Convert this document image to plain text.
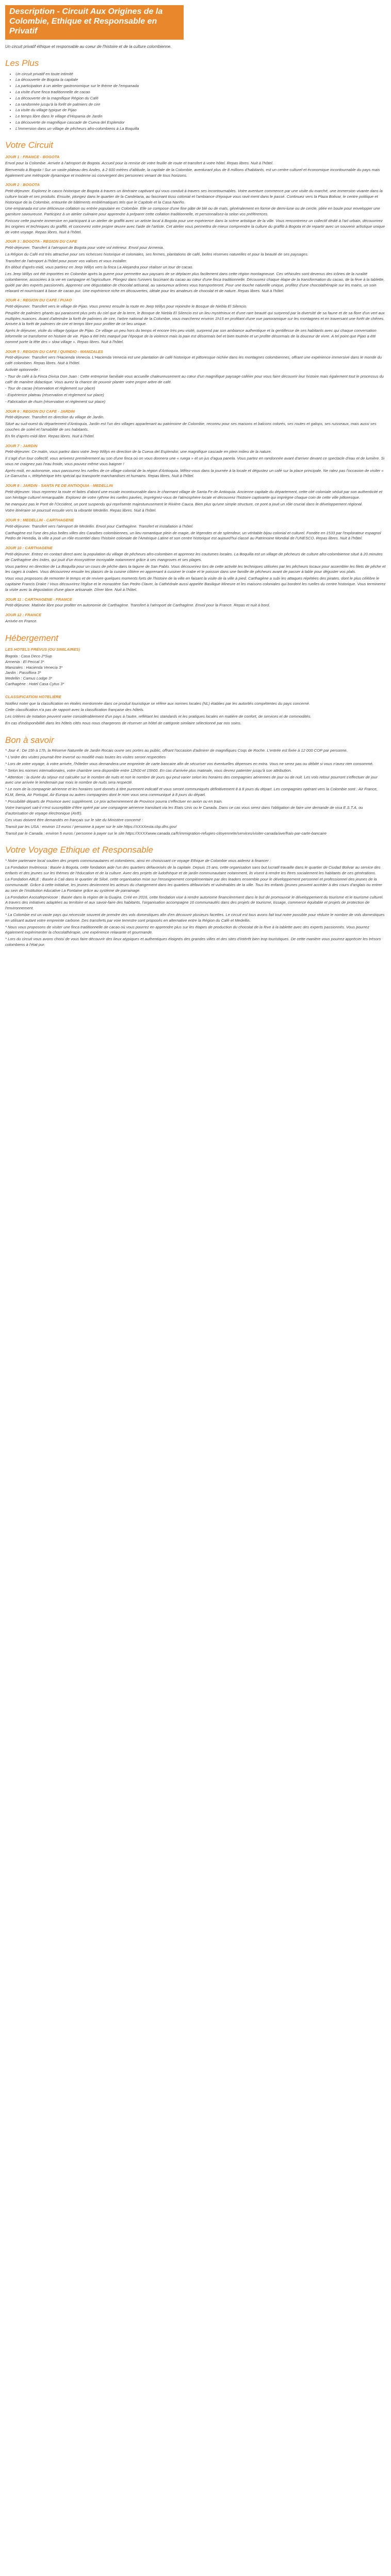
Description - Circuit Aux Origines de la Colombie, Ethique et Responsable en Privatif
Un circuit privatif éthique et responsable au coeur de l'histoire et de la culture colombienne.
Les Plus
• Un circuit privatif en toute intimité
• La découverte de Bogota la capitale
• La participation à un atelier gastronomique sur le thème de l'empanada
• La visite d'une finca traditionnelle de cacao
• La découverte de la magnifique Région du Café
• La randonnée jusqu'à la forêt de palmiers de cire
• La visite du village typique de Pijao
• Le temps libre dans le village d'Hispania de Jardin
• La découverte de magnifique cascade de Cueva del Esplendor
• L'immersion dans un village de pêcheurs afro-colombiens à La Boquilla
Votre Circuit
JOUR 1 : FRANCE - BOGOTA
Envol pour la Colombie. Arrivée à l'aéroport de Bogota. Accueil pour la remise de votre feuille de route et transfert à votre hôtel. Repas libres. Nuit à l'hôtel.
Bienvenido à Bogota ! Sur un vaste plateau des Andes, à 2 600 mètres d'altitude, la capitale de la Colombie, aventurant plus de 8 millions d'habitants, est un centre culturel et économique incontournable du pays mais également une métropole dynamique et moderne où convergent des personnes venant de tous horizons.
JOUR 2 : BOGOTA
Petit-déjeuner. Explorez le casco historique de Bogota à travers un itinéraire captivant qui vous conduit à travers ses incontournables. Votre aventure commence par une visite du marché, une immersion vivante dans la culture locale et ses produits. Ensuite, plongez dans le quartier de la Candelaria, au fascinant tissu colonial et l'ambiance d'époque vous ravit ment dans le passé. Continuez vers la Plaza Bolivar, le centre politique et historique de la Colombie, entourée de bâtiments emblématiques tels que le Capitole et la Casa Nariño.
Une empanada est une délicieuse collation ou entrée populaire en Colombie. Elle se compose d'une fine pâte de blé ou de maïs, généralement en forme de demi-lune ou de cercle, pliée en boule pour envelopper une garniture savoureuse. Participez à un atelier culinaire pour apprendre à préparer cette collation traditionnelle, et personnalisez-la selon vos préférences.
Finissez cette journée immersive en participant à un atelier de graffiti avec un artiste local à Bogota pour une expérience dans la scène artistique de la ville. Vous rencontrerez un collectif dédié à l'art urbain, découvrirez les origines et techniques du graffiti, et concevrez votre propre œuvre avec l'aide de l'artiste. Cet atelier vous permettra de mieux comprendre la culture du graffiti à Bogota et de repartir avec un souvenir artistique unique de votre voyage. Repas libres. Nuit à l'hôtel.
JOUR 3 : BOGOTA - REGION DU CAFE
Petit-déjeuner. Transfert à l'aéroport de Bogota pour votre vol intérieur. Envol pour Armenia.
La Région du Café est très attractive pour ses richesses historique et coloniales, ses fermes, plantations de café, belles réserves naturelles et pour la beauté de ses paysages.
Transfert de l'aéroport à l'hôtel pour poser vos valises et vous installer.
En début d'après-midi, vous partirez en Jeep Willys vers la finca La Alejandra pour réaliser un tour de cacao.
Les Jeep Willys ont été importées en Colombie après la guerre pour permettre aux paysans de se déplacer plus facilement dans cette région montagneuse. Ces véhicules sont devenus des icônes de la ruralité colombienne, associées à la vie en campagne et l'agriculture. Plongez dans l'univers fascinant du cacao au cœur d'une finca traditionnelle. Découvrez chaque étape de la transformation du cacao, de la fève à la tablette, guidé par des experts passionnés. Apprenez une dégustation de chocolat artisanal, au savoureux arômes vous transporteront. Pour une touche naturelle unique, profitez d'une chocolathérapie sur les mains, un soin relaxant et nourrissant à base de cacao pur. Une expérience riche en découvertes, idéale pour les amateurs de chocolat et de nature. Repas libres. Nuit à l'hôtel.
JOUR 4 : REGION DU CAFE / PIJAO
Petit-déjeuner. Transfert vers le village de Pijao. Vous prenez ensuite la route en Jeep Willys pour rejoindre le Bosque de Niebla El Silencio.
Peuplée de palmiers géants qui paraissent plus près du ciel que de la terre, le Bosque de Niebla El Silencio est un lieu mystérieux et d'une rare beauté qui surprend par la diversité de sa faune et de sa flore d'un vert aux multiples nuances. Avant d'atteindre la forêt de palmiers de cire, l'arbre national de la Colombie, vous marcherez environ 1h15 en profitant d'une vue panoramique sur les montagnes et en traversant une forêt de chênes. Arrivée à la forêt de palmiers de cire et temps libre pour profiter de ce lieu unique.
Après le déjeuner, visite du village typique de Pijao. Ce village un peu hors du temps et encore très peu visité, surprend par son ambiance authentique et la gentillesse de ses habitants avec qui chaque conversation informelle se transforme en histoire de vie. Pijao a été très marqué par l'époque de la violence mais la paix est désormais bel et bien toutnée et un profite désormais de la douceur de vivre. A tel point que Pijao a été nommé porte la tête des « slow village ». Repas libres. Nuit à l'hôtel.
JOUR 5 : REGION DU CAFE / QUINDIO - MANIZALES
Petit-déjeuner. Transfert vers l'Hacienda Venecia. L'Hacienda Venecia est une plantation de café historique et pittoresque nichée dans les montagnes colombiennes, offrant une expérience immersive dans le monde du café colombien. Repas libres. Nuit à l'hôtel.
Activité optionnelle :
- Tour de café à la Finca Divisa Don Juan : Cette entreprise familiale vous accueille chaleureusement au cœur d'un magnifique paysage caféier pour vous faire découvrir leur histoire mais également tout le processus du café de manière didactique. Vous aurez la chance de pouvoir planter votre propre arbre de café.
- Tour de cacao (réservation et règlement sur place)
- Expérience plateau (réservation et règlement sur place)
- Fabrication de rhum (réservation et règlement sur place)
JOUR 6 : REGION DU CAFE - JARDIN
Petit-déjeuner. Transfert en direction du village de Jardin.
Situé au sud-ouest du département d'Antioquia, Jardin est l'un des villages appartenant au patrimoine de Colombie, reconnu pour ses maisons et balcons colorés, ses routes et galops, ses ruisseaux, mais aussi ses couches de soleil et l'amabilité de ses habitants.
En fin d'après-midi libre. Repas libres. Nuit à l'hôtel.
JOUR 7 : JARDIN
Petit-déjeuner. Ce matin, vous partez dans votre Jeep Willys en direction de la Cueva del Esplendor, une magnifique cascade en plein milieu de la nature.
Il s'agit d'un tour collectif, vous arriverez premièrement au son d'une finca où on vous donnera une « ruega » et un jus d'agua panela. Vous partez en randonnée avant d'arriver devant ce spectacle d'eau et de lumière. Si vous ne craignez pas l'eau froide, vous pouvez même vous baigner !
Après-midi, en autonomie, vous parcourrez les ruelles de ce village colonial de la région d'Antioquia. Mêlez-vous dans la journée à la locale et dégustez un café sur la place principale. Ne ratez pas l'occasion de visiter « Le Garrucha », téléphérique très spécial qui transporte marchandises et humains. Repas libres. Nuit à l'hôtel.
JOUR 8 : JARDIN - SANTA FE DE ANTIOQUIA - MEDELLIN
Petit-déjeuner. Vous reprenez la route et faites d'abord une escale incontournable dans le charmant village de Santa Fe de Antioquia. Ancienne capitale du département, cette cité coloniale séduit par son authenticité et son héritage culturel remarquable. Explorez de votre rythme les ruelles pavées, imprégnez-vous de l'atmosphère locale et découvrez l'histoire captivante qui imprègne chaque coin de cette ville pittoresque.
Ne manquez pas le Pont de l'Occident, un pont suspendu qui représente majestueusement le Rivière Cauca. Bien plus qu'une simple structure, ce pont a joué un rôle crucial dans le développement régional.
Votre itinéraire se poursuit ensuite vers la vibrante Medellin. Repas libres. Nuit à l'hôtel.
JOUR 9 : MEDELLIN - CARTHAGENE
Petit-déjeuner. Transfert vers l'aéroport de Medellin. Envol pour Carthagène. Transfert et installation à l'hôtel.
Carthagène est l'une des plus belles villes des Caraïbes colombiennes, un lieu romantique plein de magie, de légendes et de splendeur, un véritable bijou colonial et culturel. Fondée en 1533 par l'explorateur espagnol Pedro de Heredia, la ville a joué un rôle essentiel dans l'histoire coloniale de l'Amérique Latine et son centre historique est aujourd'hui classé au Patrimoine Mondial de l'UNESCO. Repas libres. Nuit à l'hôtel.
JOUR 10 : CARTHAGENE
Petit-déjeuner. Entrez en contact direct avec la population du village de pêcheurs afro-colombien et apprenez les coutumes locales. La Boquilla est un village de pêcheurs de culture afro-colombienne situé à 20 minutes de Carthagène des Indes, qui jouit d'un écosystème incroyable notamment grâce à ses mangroves et ses plages.
Vous partirez en direction de La Boquilla pour un cours de pêche dans la lagune de San Pablo. Vous découvrirez lors de cette activité les techniques utilisées par les pêcheurs locaux pour assembler les filets de pêche et les cages à crabes. Vous découvrirez ensuite les plaisirs de la cuisine côtière en apprenant à cuisiner le crabe et le poisson dans une famille de pêcheurs avant de passer à table pour déguster vos plats.
Vous vous proposons de remonter le temps et de revivre quelques moments forts de l'histoire de la ville en faisant la visite de la ville à pied. Carthagène a subi les attaques répétées des pirates, dont le plus célèbre le capitaine Francis Drake ! Vous découvrirez l'église et le monastère San Pedro Claver, la Cathédrale aussi appelée Basilique Mineure et les maisons coloniales qui bordent les ruelles du centre historique. Vous terminerez la visite avec la dégustation d'une glace artisanale. Dîner libre. Nuit à l'hôtel.
JOUR 11 : CARTHAGENE - FRANCE
Petit-déjeuner. Matinée libre pour profiter en autonomie de Carthagène. Transfert à l'aéroport de Carthagène. Envol pour la France. Repas et nuit à bord.
JOUR 12 : FRANCE
Arrivée en France.
Hébergement
LES HOTELS PRÉVUS (OU SIMILAIRES)
Bogota : Casa Deco 2*Sup
Armenia : El Peccal 3*
Manizales : Hacienda Venecia 3*
Jardin : Passiflora 3*
Medellin : Camus Lodge 3*
Carthagène : Hotel Casa Cytus 3*
CLASSIFICATION HOTELIÈRE
Notifiez noter que la classification en étoiles mentionnée dans ce produit touristique se réfère aux normes locales (NL) établies par les autorités compétentes du pays concerné.
Cette classification n'a pas de rapport avec la classification française des hôtels.
Les critères de notation peuvent varier considérablement d'un pays à l'autre, reflétant les standards et les pratiques locales en matière de confort, de services et de commodités.
En cas d'indisponibilité dans les hôtels cités nous nous chargerons de réserver un hôtel de catégorie similaire sélectionné par nos soins.
Bon à savoir
* Jour 4 : De 15h à 17h, la Réserve Naturelle de Jardin Rocais ouvre ses portes au public, offrant l'occasion d'admirer de magnifiques Coqs de Roche. L'entrée est fixée à 12 000 COP par personne.
* L'ordre des visites pourrait être inversé ou modifié mais toutes les visites seront respectées
* Lors de votre voyage, à votre arrivée, l'hôtelier vous demandera une empreinte de carte bancaire afin de sécuriser vos éventuelles dépenses en extra. Vous ne serez pas ou débité si vous n'avez rien consommé.
* Selon les normes internationales, votre chambre sera disponible entre 12h00 et 15h00. En cas d'arrivée plus matinale, vous devrez patienter jusqu'à son attribution.
* Attention : la durée du séjour est calculée sur le nombre de nuits et non le nombre de jours qui peut varier selon les horaires des compagnies aériennes de jour ou de nuit. Les vols retour pourront s'effectuer de jour avec une arrivée le lendemain par mois le nombre de nuits sera respecté.
* Le nom de la compagnie aérienne et les horaires sont donnés à titre purement indicatif et vous seront communiqués définitivement 8 à 8 jours du départ. Les compagnies opérant vers la Colombie sont : Air France, KLM, Iberia, Air Portugal, Air Europa ou autres compagnies dont le nom vous sera communiqué à 8 jours du départ.
* Possibilité départs de Province avec supplément. Le prix acheminement de Province pourra s'effectuer en avion ou en train.
Votre transport sait-il n'est susceptible d'être opéré par une compagnie aérienne transitant via les Etats Unis ou le Canada. Dans ce cas vous serez dans l'obligation de faire une demande de visa E.S.T.A. ou d'autorisation de voyage électronique (AVE).
Ces visas doivent être demandés en français sur le site du Ministère concerné :
Transit par les USA : environ 13 euros / personne à payer sur le site https://XXXXesta.cbp.dhs.gov/
Transit par le Canada : environ 5 euros / personne à payer sur le site https://XXXXwww.canada.ca/fr/immigration-refugies-citoyennete/services/visiter-canada/ave/frais-par-carte-bancaire
Votre Voyage Ethique et Responsable
* Notre partenaire local soutien des projets communautaires et colombiens, ainsi en choisissant ce voyage Ethique de Colombie vous aiderez à financer :
La Fondation Invitrinosa : Basée à Bogota, cette fondation aide l'un des quartiers défavorisés de la capitale. Depuis 15 ans, cette organisation sans but lucratif travaille dans le quartier de Ciudad Bolivar au service des enfants et des jeunes sur les thèmes de l'éducation et de la culture. Avec des projets de ludothèque et de jardin communautaire notamment, ils visent à rendre les êtres socialement les habitants de ces générations.
La Fondation ABLE : Basée à Cali dans le quartier de Siloé, cette organisation mise sur l'enseignement complémentaire par des leaders ensemble pour le développement personnel et professionnel des jeunes de la communauté. Grâce à cette initiative, les jeunes deviennent les acteurs du changement dans les quartiers défavorisés et vulnérables de la ville. Tous les enfants (jeunes peuvent accéder à des cours d'anglais ou entrer au sein de l'institution éducative La Fontaine grâce au système de parrainage.
La Fondation Asosafepmiosoe : Basée dans la région de la Guajira. Créé en 2016, cette fondation vise à rendre autonome financièrement dans le but de promouvoir le développement du tourisme et le tourisme culturel. A travers des initiatives adaptées au territoire et aux savoir-faire des habitants, l'organisation accompagne 16 communautés dans des projets de tourisme, tissage, commerce équitable et projets de protection de l'environnement.
* La Colombie est un vaste pays qui nécessite souvent de prendre des vols domestiques afin d'en découvrir plusieurs facettes. Le circuit est tous avons fait tout notre possible pour réduire le nombre de vols domestiques en utilisant autant votre empreinte carbone. Des transferts par voie terrestre sont proposés en alternative entre la Région du Café et Medellin.
* Nous vous proposons de visiter une finca traditionnelle de cacao où vous pourrez en apprendre plus sur les étapes de production du chocolat de la fève à la tablette avec des experts passionnés. Vous pourrez également expérimenter la chocolathérapie, une expérience relaxante et gourmande.
* Lors du circuit vous avons choisi de vous faire découvrir des lieux atypiques et authentiques éloignés des grandes villes et des sites d'intérêt bien trop touristiques. De cette manière vous pourrez apprécier les trésors colombiens à l'état pur.
